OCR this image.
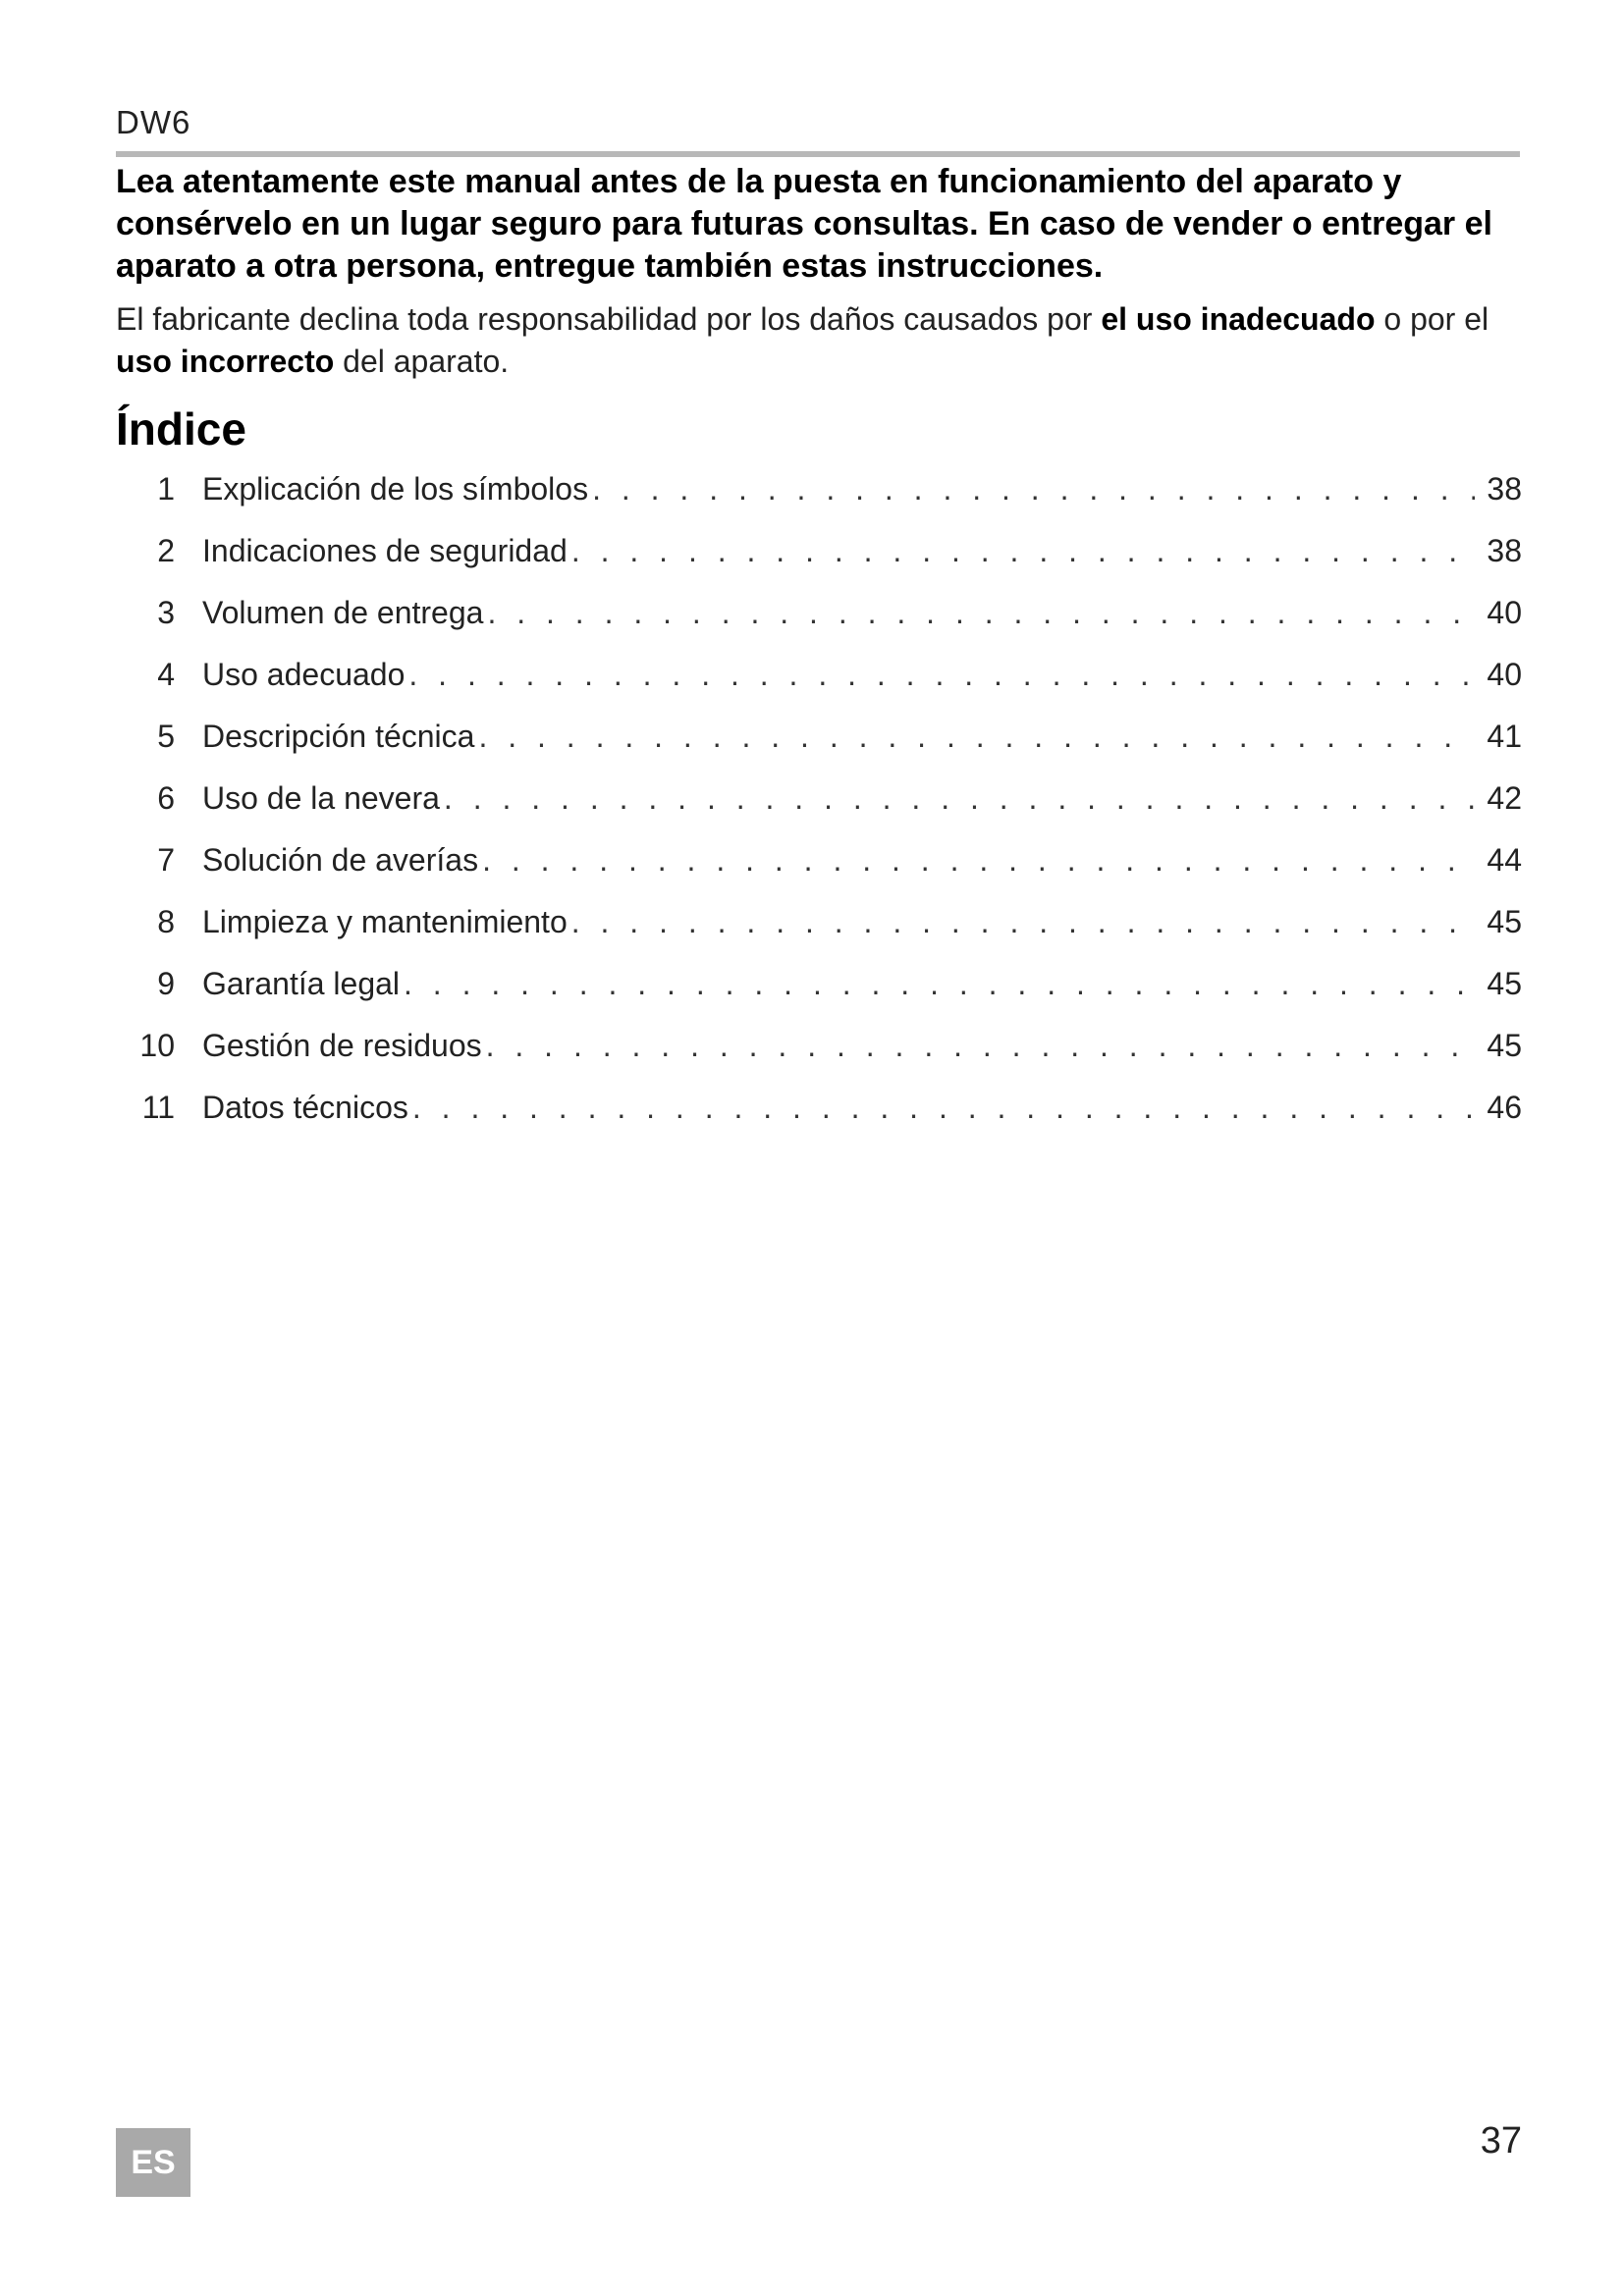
DW6

Lea atentamente este manual antes de la puesta en funcionamiento del aparato y consérvelo en un lugar seguro para futuras consultas. En caso de vender o entregar el aparato a otra persona, entregue también estas instrucciones.

El fabricante declina toda responsabilidad por los daños causados por el uso inadecuado o por el uso incorrecto del aparato.

Índice
1 Explicación de los símbolos . . .	38
2 Indicaciones de seguridad . . .	38
3 Volumen de entrega . . .	40
4 Uso adecuado . . .	40
5 Descripción técnica . . .	41
6 Uso de la nevera . . .	42
7 Solución de averías . . .	44
8 Limpieza y mantenimiento . . .	45
9 Garantía legal . . .	45
10 Gestión de residuos . . .	45
11 Datos técnicos . . .	46
ES
37
